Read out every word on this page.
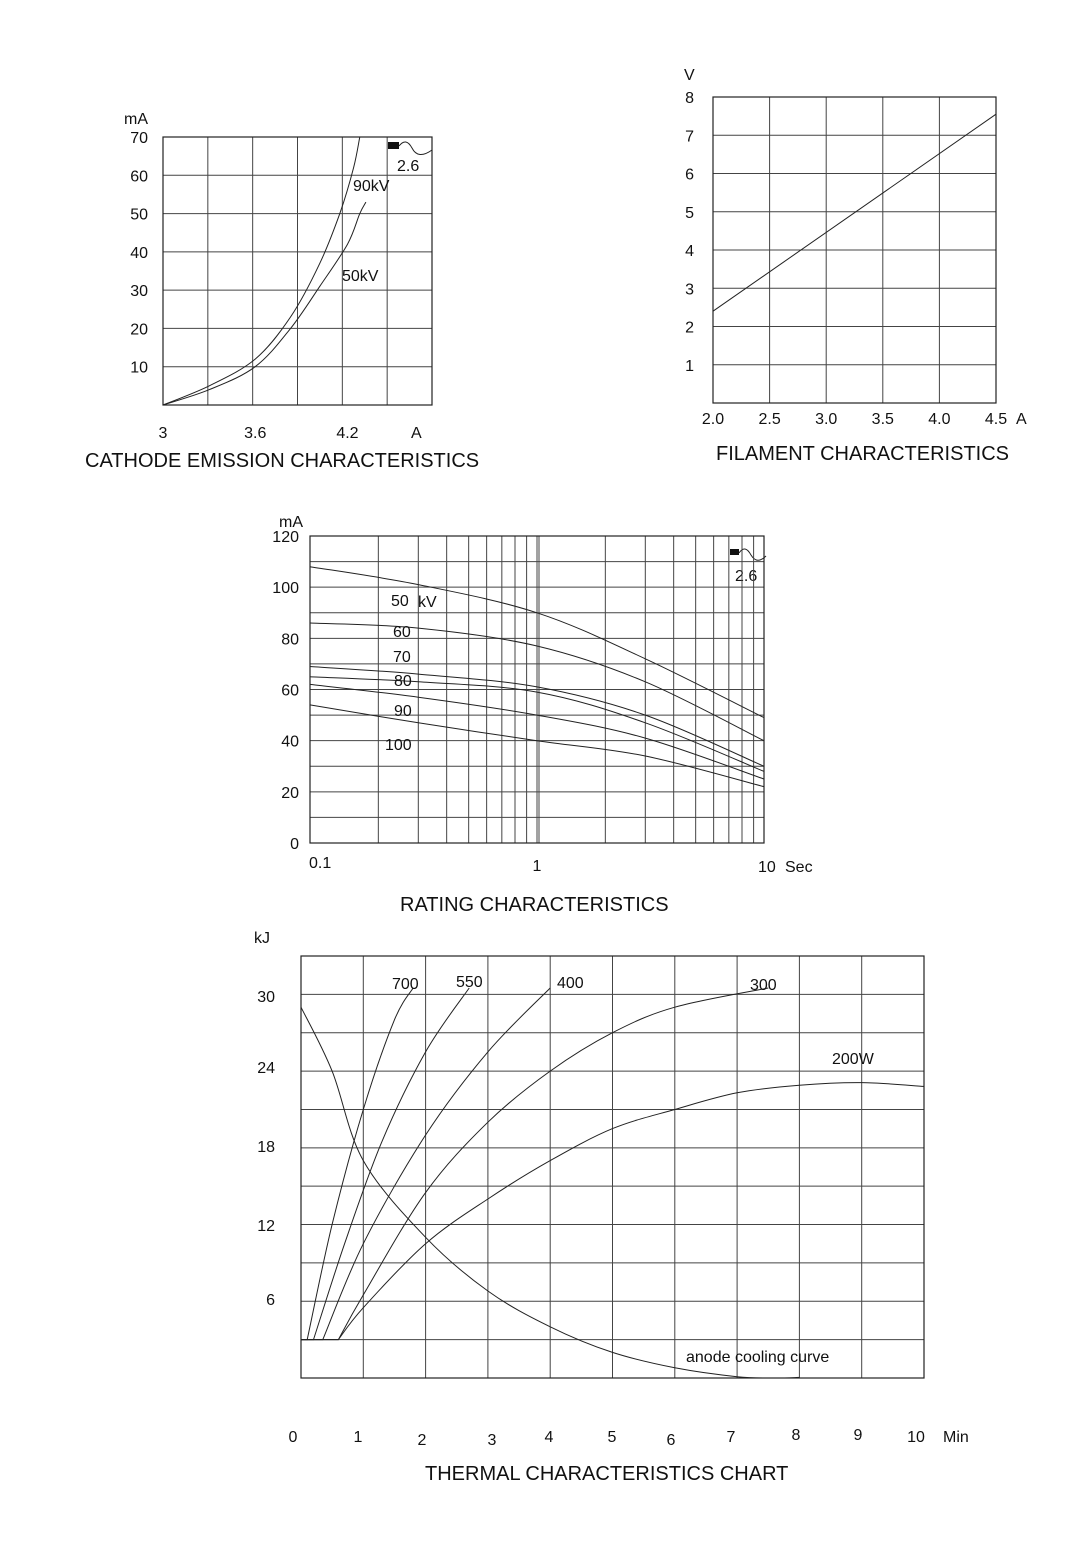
mA
A
CATHODE EMISSION CHARACTERISTICS
2.6
3	3.6	4.2
10
20
30
40
50
60
70
90kV
50kV
V
A
FILAMENT CHARACTERISTICS
2.0 2.5 3.0 3.5 4.0 4.5
1
2
3
4
5
6
7
8
mA
Sec
RATING CHARACTERISTICS
kV
2.6
0.1	1	10
0
20
40
60
80
100
120
50
60
70
80
90
100
kJ
Min
THERMAL CHARACTERISTICS CHART
0	1	2	3	4	5	6	7	8	9	10
6
12
18
24
30
700 550	400	300
200W
anode cooling curve
